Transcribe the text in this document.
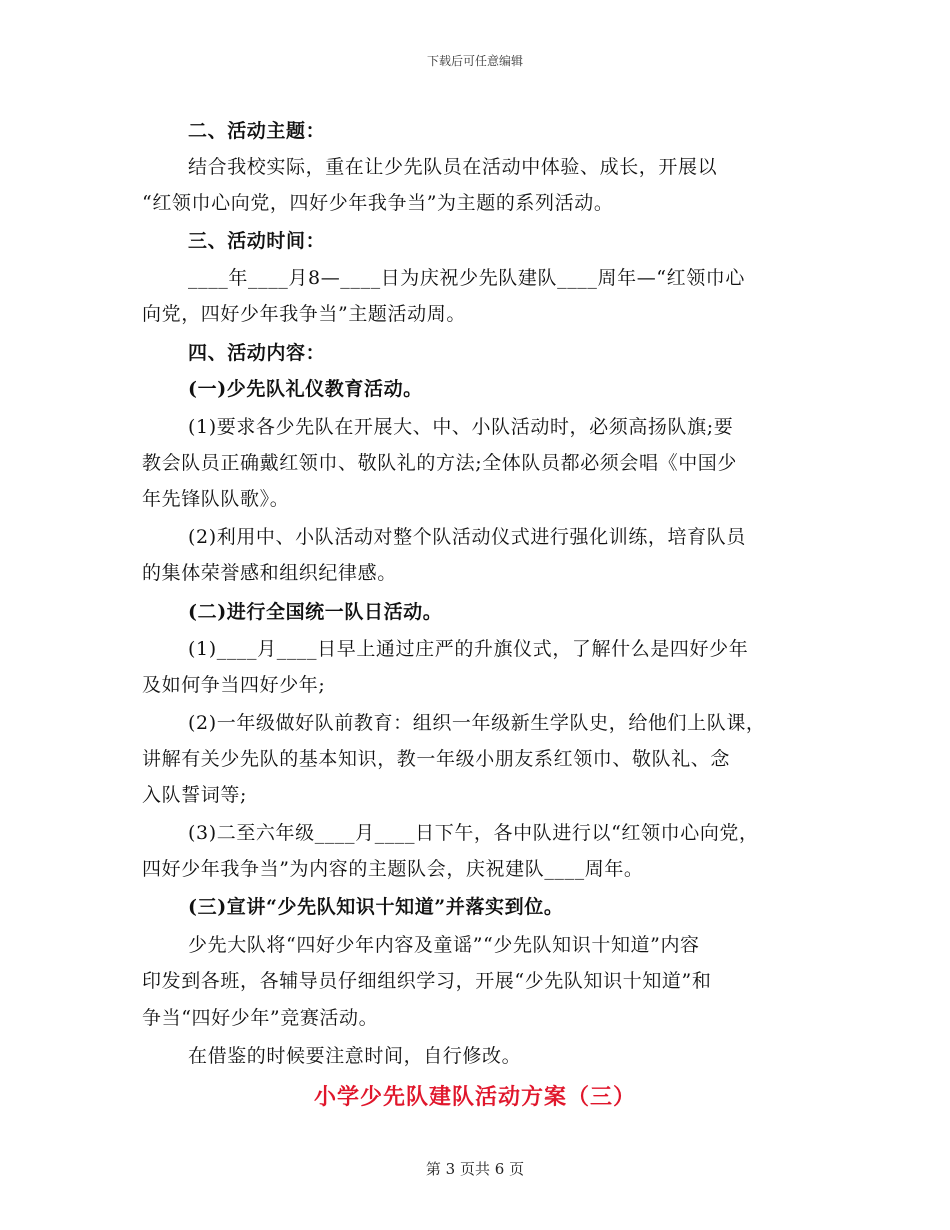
下载后可任意编辑
二、活动主题：
结合我校实际，重在让少先队员在活动中体验、成长，开展以
“红领巾心向党，四好少年我争当”为主题的系列活动。
三、活动时间：
____年____月8—____日为庆祝少先队建队____周年—“红领巾心
向党，四好少年我争当”主题活动周。
四、活动内容：
(一)少先队礼仪教育活动。
(1)要求各少先队在开展大、中、小队活动时，必须高扬队旗;要
教会队员正确戴红领巾、敬队礼的方法;全体队员都必须会唱《中国少
年先锋队队歌》。
(2)利用中、小队活动对整个队活动仪式进行强化训练，培育队员
的集体荣誉感和组织纪律感。
(二)进行全国统一队日活动。
(1)____月____日早上通过庄严的升旗仪式，了解什么是四好少年
及如何争当四好少年;
(2)一年级做好队前教育：组织一年级新生学队史，给他们上队课，
讲解有关少先队的基本知识，教一年级小朋友系红领巾、敬队礼、念
入队誓词等;
(3)二至六年级____月____日下午，各中队进行以“红领巾心向党，
四好少年我争当”为内容的主题队会，庆祝建队____周年。
(三)宣讲“少先队知识十知道”并落实到位。
少先大队将“四好少年内容及童谣”“少先队知识十知道”内容
印发到各班，各辅导员仔细组织学习，开展“少先队知识十知道”和
争当“四好少年”竞赛活动。
在借鉴的时候要注意时间，自行修改。
小学少先队建队活动方案（三）
第 3 页共 6 页
